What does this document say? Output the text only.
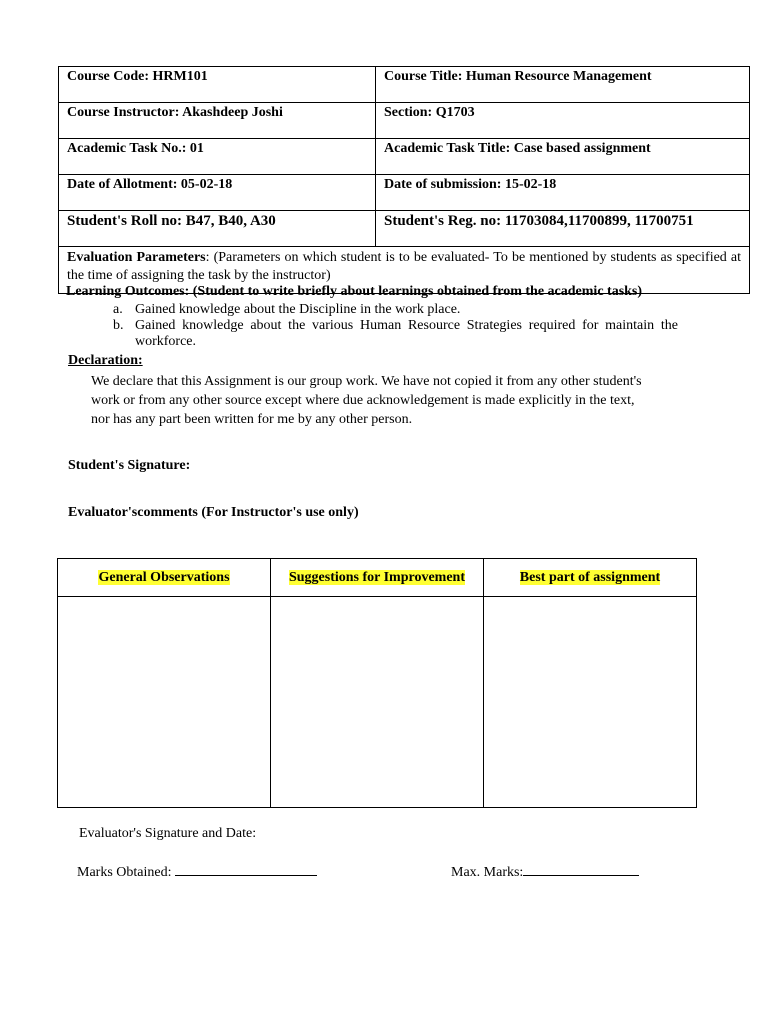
Course Code: HRM101	Course Title: Human Resource Management
Course Instructor: Akashdeep Joshi	Section: Q1703
Academic Task No.: 01	Academic Task Title: Case based assignment
Date of Allotment: 05-02-18	Date of submission: 15-02-18
Student's Roll no: B47, B40, A30	Student's Reg. no: 11703084,11700899, 11700751
Evaluation Parameters: (Parameters on which student is to be evaluated- To be mentioned by students as specified at the time of assigning the task by the instructor)	
Learning Outcomes: (Student to write briefly about learnings obtained from the academic tasks)
a. Gained knowledge about the Discipline in the work place.
b. Gained knowledge about the various Human Resource Strategies required for maintain the workforce.
Declaration:
We declare that this Assignment is our group work. We have not copied it from any other student's work or from any other source except where due acknowledgement is made explicitly in the text, nor has any part been written for me by any other person.
Student's Signature:
Evaluator'scomments (For Instructor's use only)
General Observations	Suggestions for Improvement	Best part of assignment

Evaluator's Signature and Date:
Marks Obtained:	Max. Marks:
